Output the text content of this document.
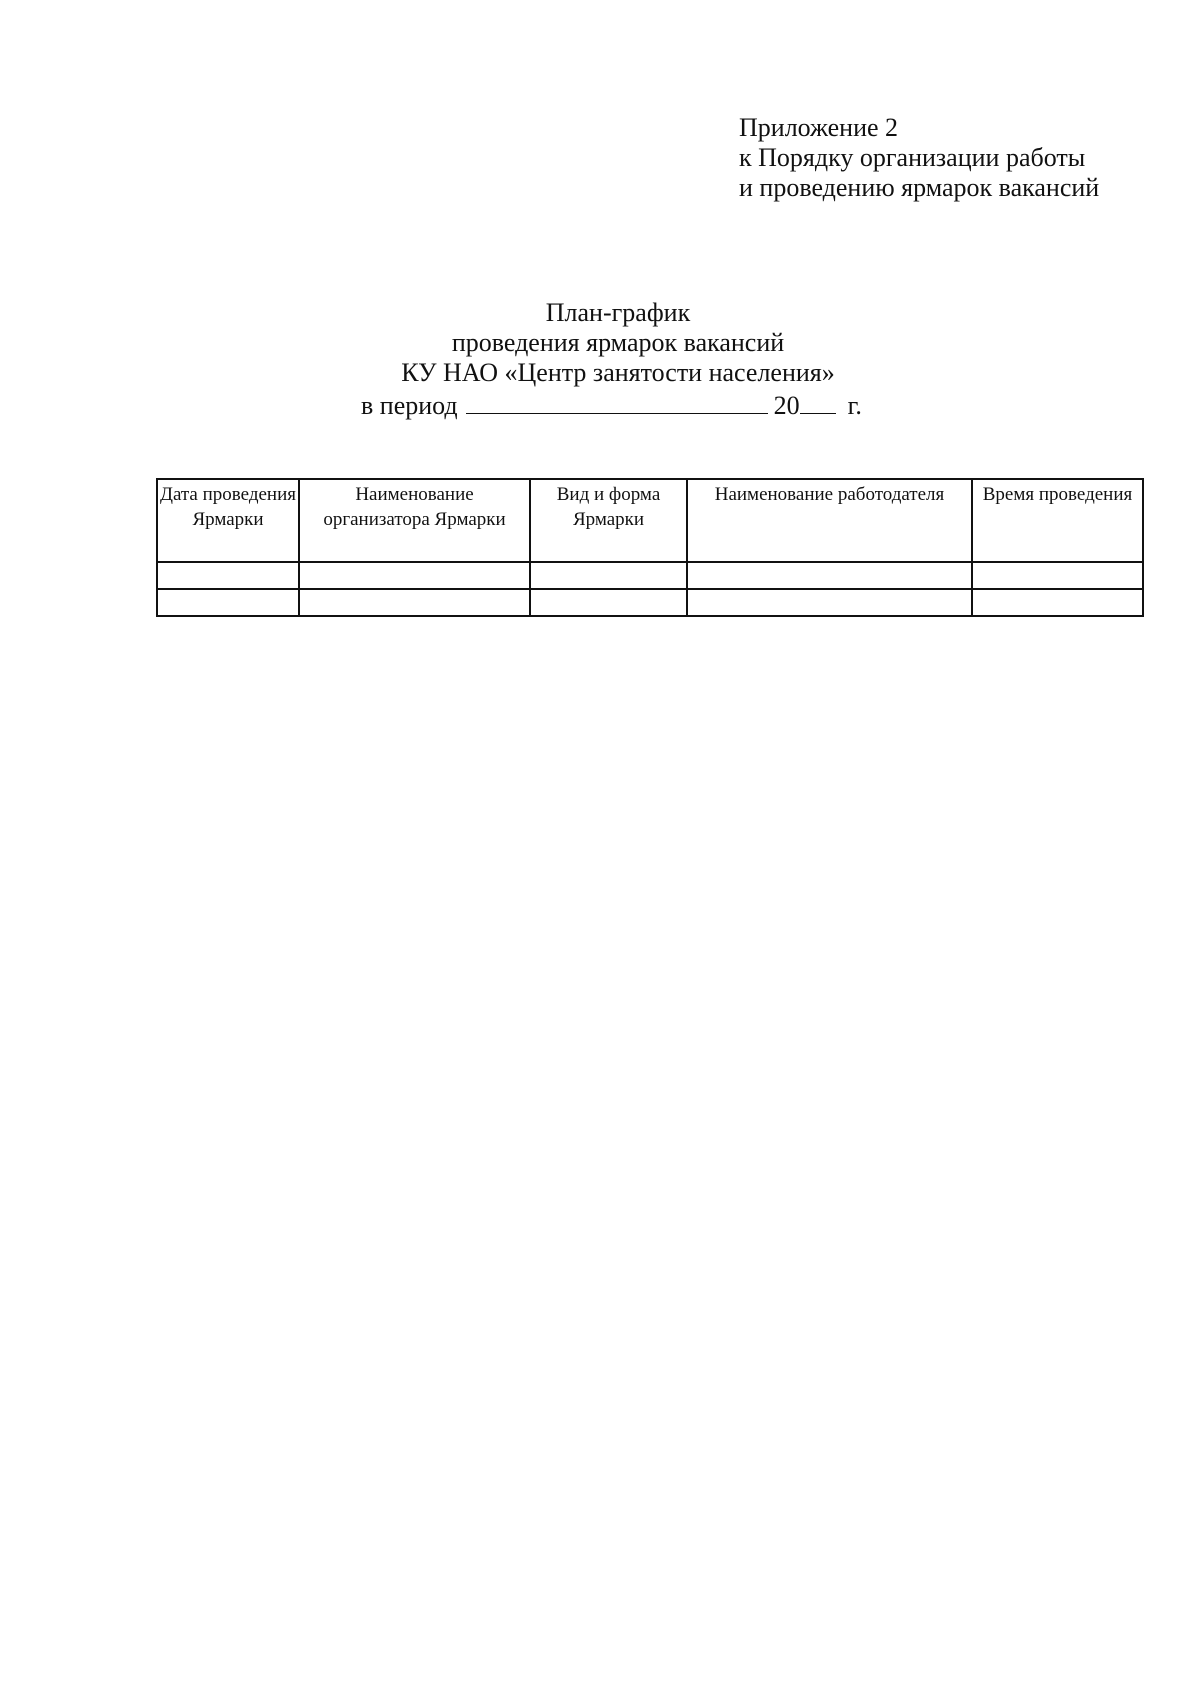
Приложение 2
к Порядку организации работы
и проведению ярмарок вакансий
План-график
проведения ярмарок вакансий
КУ НАО «Центр занятости населения»
в период	20 г.
Дата проведения Ярмарки	Наименование организатора Ярмарки	Вид и форма Ярмарки	Наименование работодателя	Время проведения
